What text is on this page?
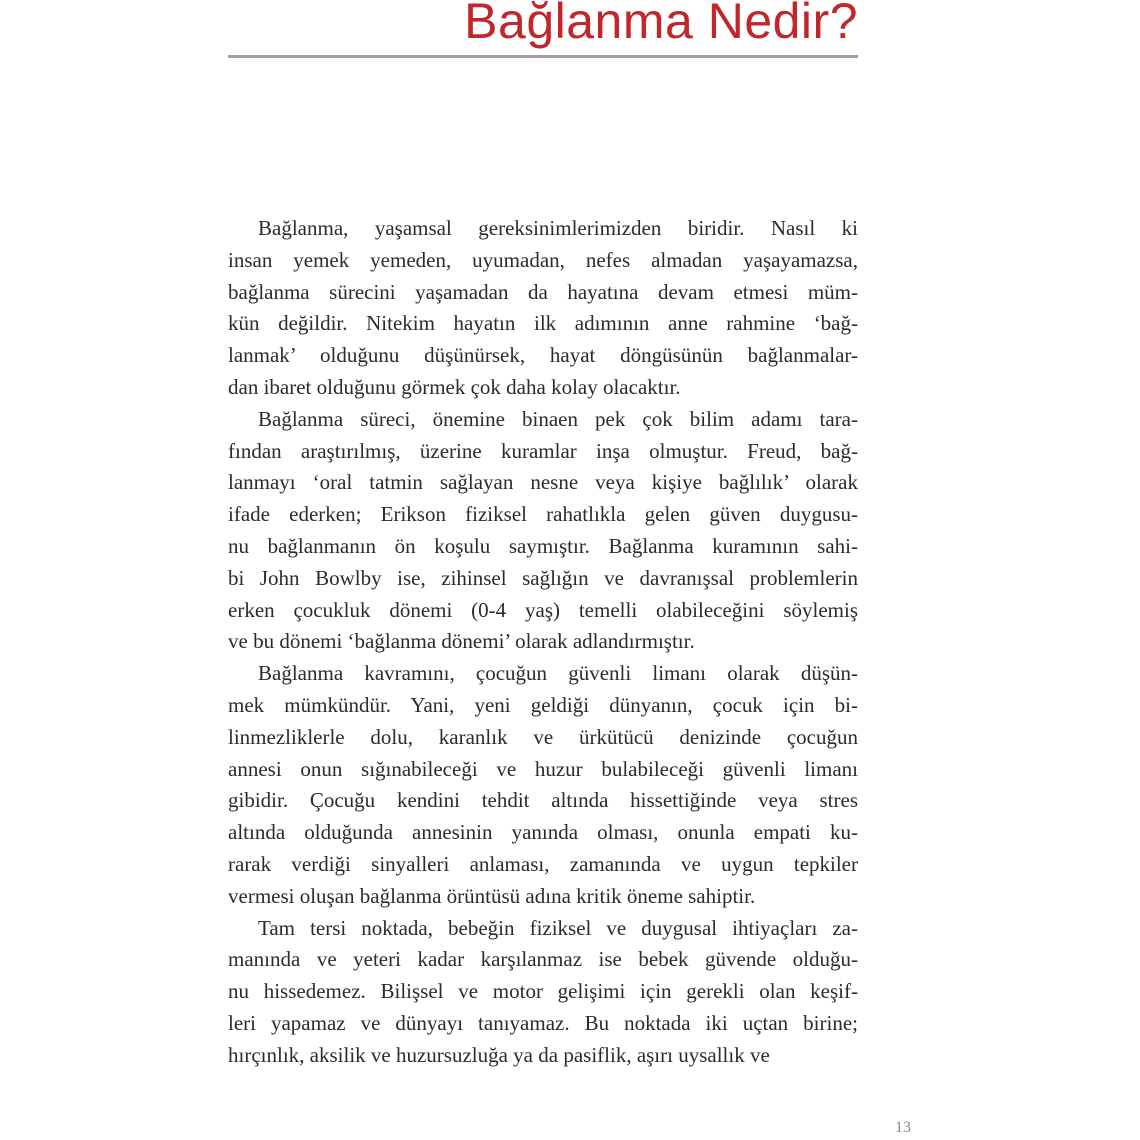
Bağlanma Nedir?
Bağlanma, yaşamsal gereksinimlerimizden biridir. Nasıl ki
insan yemek yemeden, uyumadan, nefes almadan yaşayamazsa,
bağlanma sürecini yaşamadan da hayatına devam etmesi müm-
kün değildir. Nitekim hayatın ilk adımının anne rahmine ‘bağ-
lanmak’ olduğunu düşünürsek, hayat döngüsünün bağlanmalar-
dan ibaret olduğunu görmek çok daha kolay olacaktır.
Bağlanma süreci, önemine binaen pek çok bilim adamı tara-
fından araştırılmış, üzerine kuramlar inşa olmuştur. Freud, bağ-
lanmayı ‘oral tatmin sağlayan nesne veya kişiye bağlılık’ olarak
ifade ederken; Erikson fiziksel rahatlıkla gelen güven duygusu-
nu bağlanmanın ön koşulu saymıştır. Bağlanma kuramının sahi-
bi John Bowlby ise, zihinsel sağlığın ve davranışsal problemlerin
erken çocukluk dönemi (0-4 yaş) temelli olabileceğini söylemiş
ve bu dönemi ‘bağlanma dönemi’ olarak adlandırmıştır.
Bağlanma kavramını, çocuğun güvenli limanı olarak düşün-
mek mümkündür. Yani, yeni geldiği dünyanın, çocuk için bi-
linmezliklerle dolu, karanlık ve ürkütücü denizinde çocuğun
annesi onun sığınabileceği ve huzur bulabileceği güvenli limanı
gibidir. Çocuğu kendini tehdit altında hissettiğinde veya stres
altında olduğunda annesinin yanında olması, onunla empati ku-
rarak verdiği sinyalleri anlaması, zamanında ve uygun tepkiler
vermesi oluşan bağlanma örüntüsü adına kritik öneme sahiptir.
Tam tersi noktada, bebeğin fiziksel ve duygusal ihtiyaçları za-
manında ve yeteri kadar karşılanmaz ise bebek güvende olduğu-
nu hissedemez. Bilişsel ve motor gelişimi için gerekli olan keşif-
leri yapamaz ve dünyayı tanıyamaz. Bu noktada iki uçtan birine;
hırçınlık, aksilik ve huzursuzluğa ya da pasiflik, aşırı uysallık ve
13
